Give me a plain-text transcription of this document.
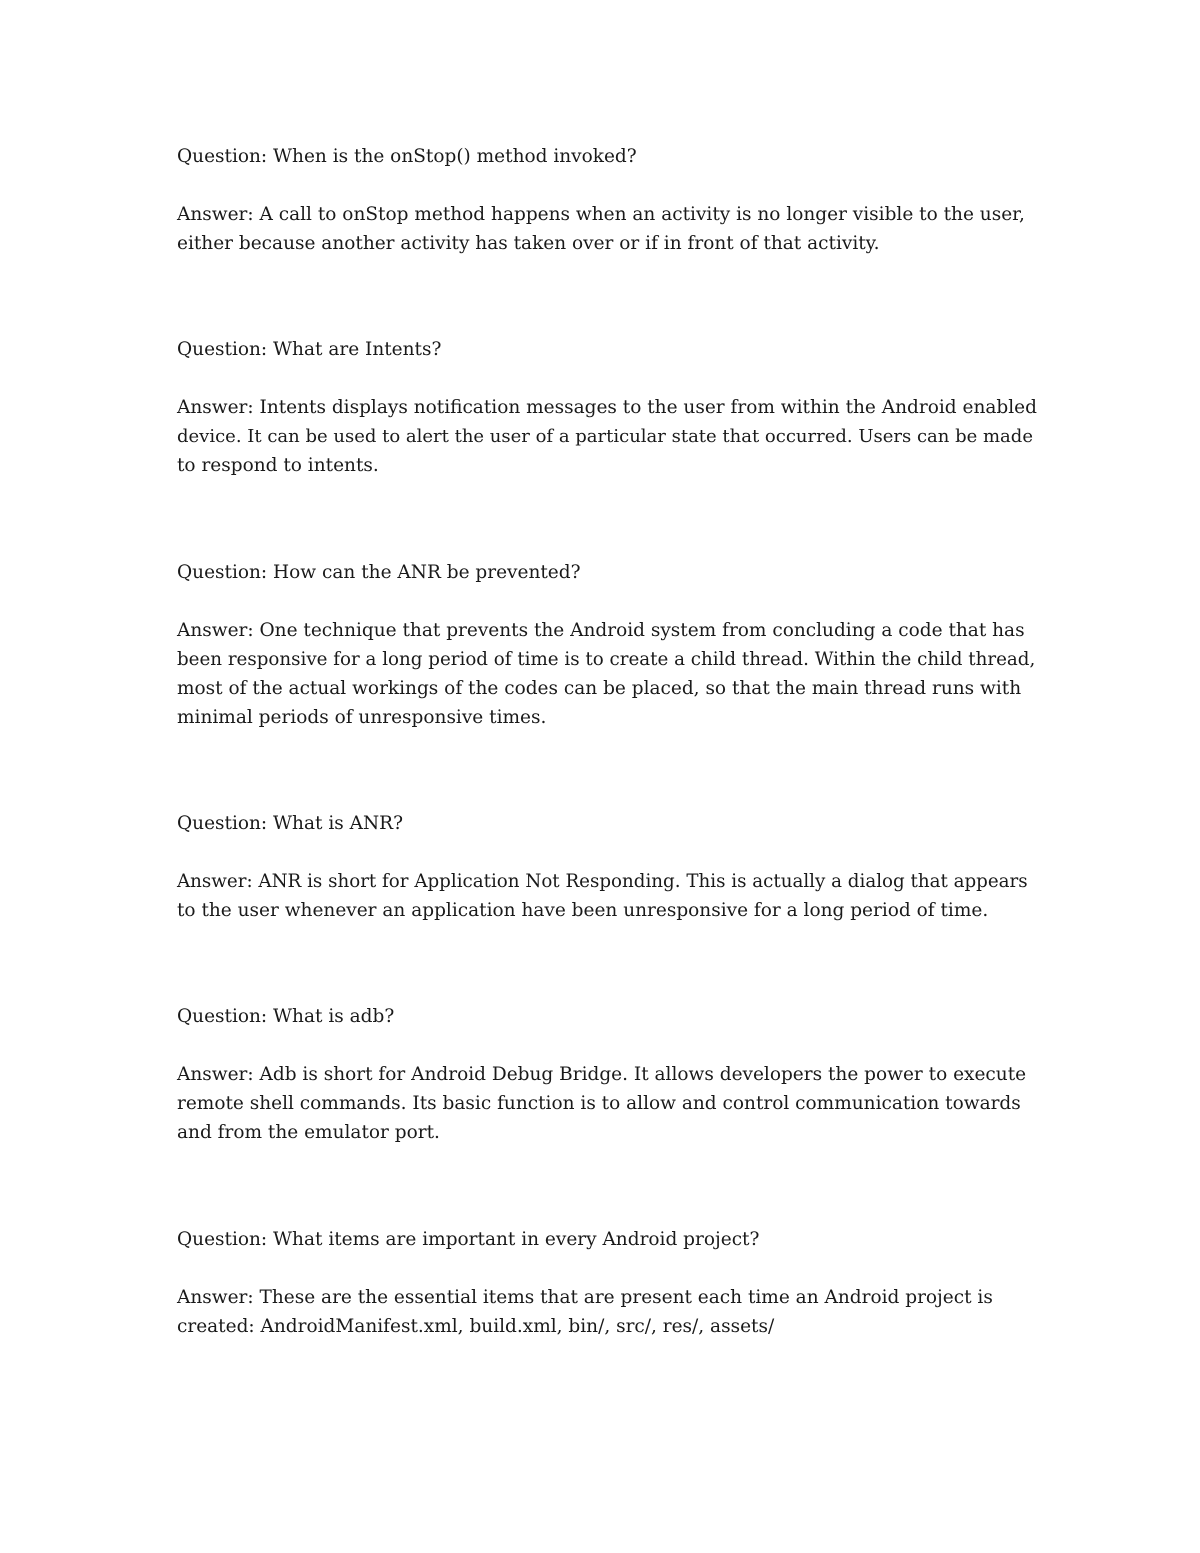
Question: When is the onStop() method invoked?

Answer: A call to onStop method happens when an activity is no longer visible to the user,
either because another activity has taken over or if in front of that activity.

Question: What are Intents?

Answer: Intents displays notification messages to the user from within the Android enabled
device. It can be used to alert the user of a particular state that occurred. Users can be made
to respond to intents.

Question: How can the ANR be prevented?

Answer: One technique that prevents the Android system from concluding a code that has
been responsive for a long period of time is to create a child thread. Within the child thread,
most of the actual workings of the codes can be placed, so that the main thread runs with
minimal periods of unresponsive times.

Question: What is ANR?

Answer: ANR is short for Application Not Responding. This is actually a dialog that appears
to the user whenever an application have been unresponsive for a long period of time.

Question: What is adb?

Answer: Adb is short for Android Debug Bridge. It allows developers the power to execute
remote shell commands. Its basic function is to allow and control communication towards
and from the emulator port.

Question: What items are important in every Android project?

Answer: These are the essential items that are present each time an Android project is
created: AndroidManifest.xml, build.xml, bin/, src/, res/, assets/
